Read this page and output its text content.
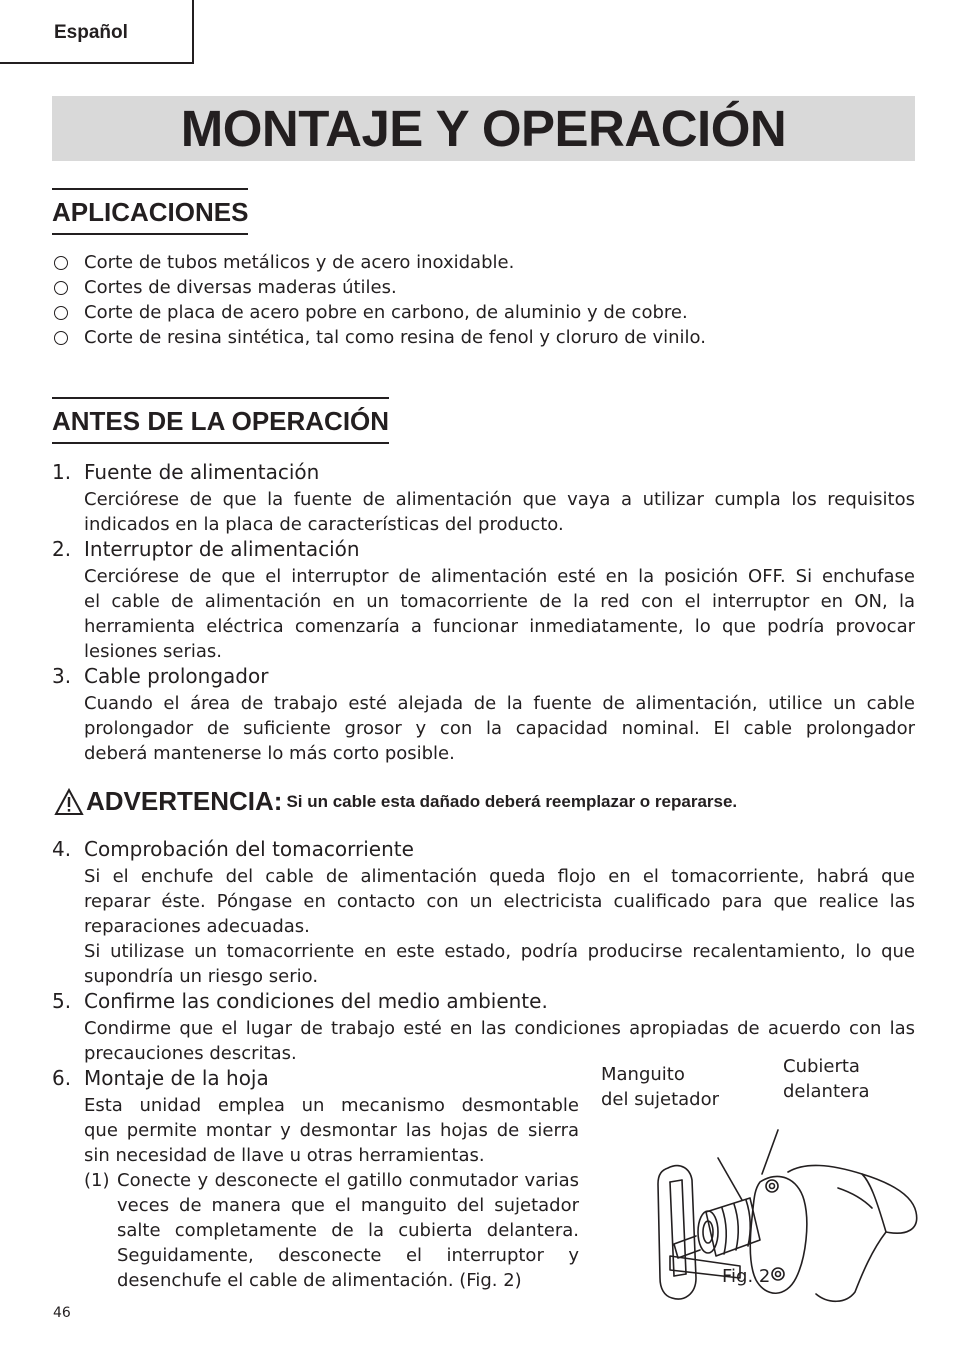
Español
MONTAJE Y OPERACIÓN
APLICACIONES
Corte de tubos metálicos y de acero inoxidable.
Cortes de diversas maderas útiles.
Corte de placa de acero pobre en carbono, de aluminio y de cobre.
Corte de resina sintética, tal como resina de fenol y cloruro de vinilo.
ANTES DE LA OPERACIÓN
1. Fuente de alimentación
Cerciórese de que la fuente de alimentación que vaya a utilizar cumpla los requisitos
indicados en la placa de características del producto.
2. Interruptor de alimentación
Cerciórese de que el interruptor de alimentación esté en la posición OFF. Si enchufase
el cable de alimentación en un tomacorriente de la red con el interruptor en ON, la
herramienta eléctrica comenzaría a funcionar inmediatamente, lo que podría provocar
lesiones serias.
3. Cable prolongador
Cuando el área de trabajo esté alejada de la fuente de alimentación, utilice un cable
prolongador de suficiente grosor y con la capacidad nominal. El cable prolongador
deberá mantenerse lo más corto posible.
ADVERTENCIA: Si un cable esta dañado deberá reemplazar o repararse.
4. Comprobación del tomacorriente
Si el enchufe del cable de alimentación queda flojo en el tomacorriente, habrá que
reparar éste. Póngase en contacto con un electricista cualificado para que realice las
reparaciones adecuadas.
Si utilizase un tomacorriente en este estado, podría producirse recalentamiento, lo que
supondría un riesgo serio.
5. Confirme las condiciones del medio ambiente.
Condirme que el lugar de trabajo esté en las condiciones apropiadas de acuerdo con las
precauciones descritas.
6. Montaje de la hoja
Esta unidad emplea un mecanismo desmontable
que permite montar y desmontar las hojas de sierra
sin necesidad de llave u otras herramientas.
(1) Conecte y desconecte el gatillo conmutador varias
veces de manera que el manguito del sujetador
salte completamente de la cubierta delantera.
Seguidamente, desconecte el interruptor y
desenchufe el cable de alimentación. (Fig. 2)
Manguito
del sujetador
Cubierta
delantera
Fig. 2
46
